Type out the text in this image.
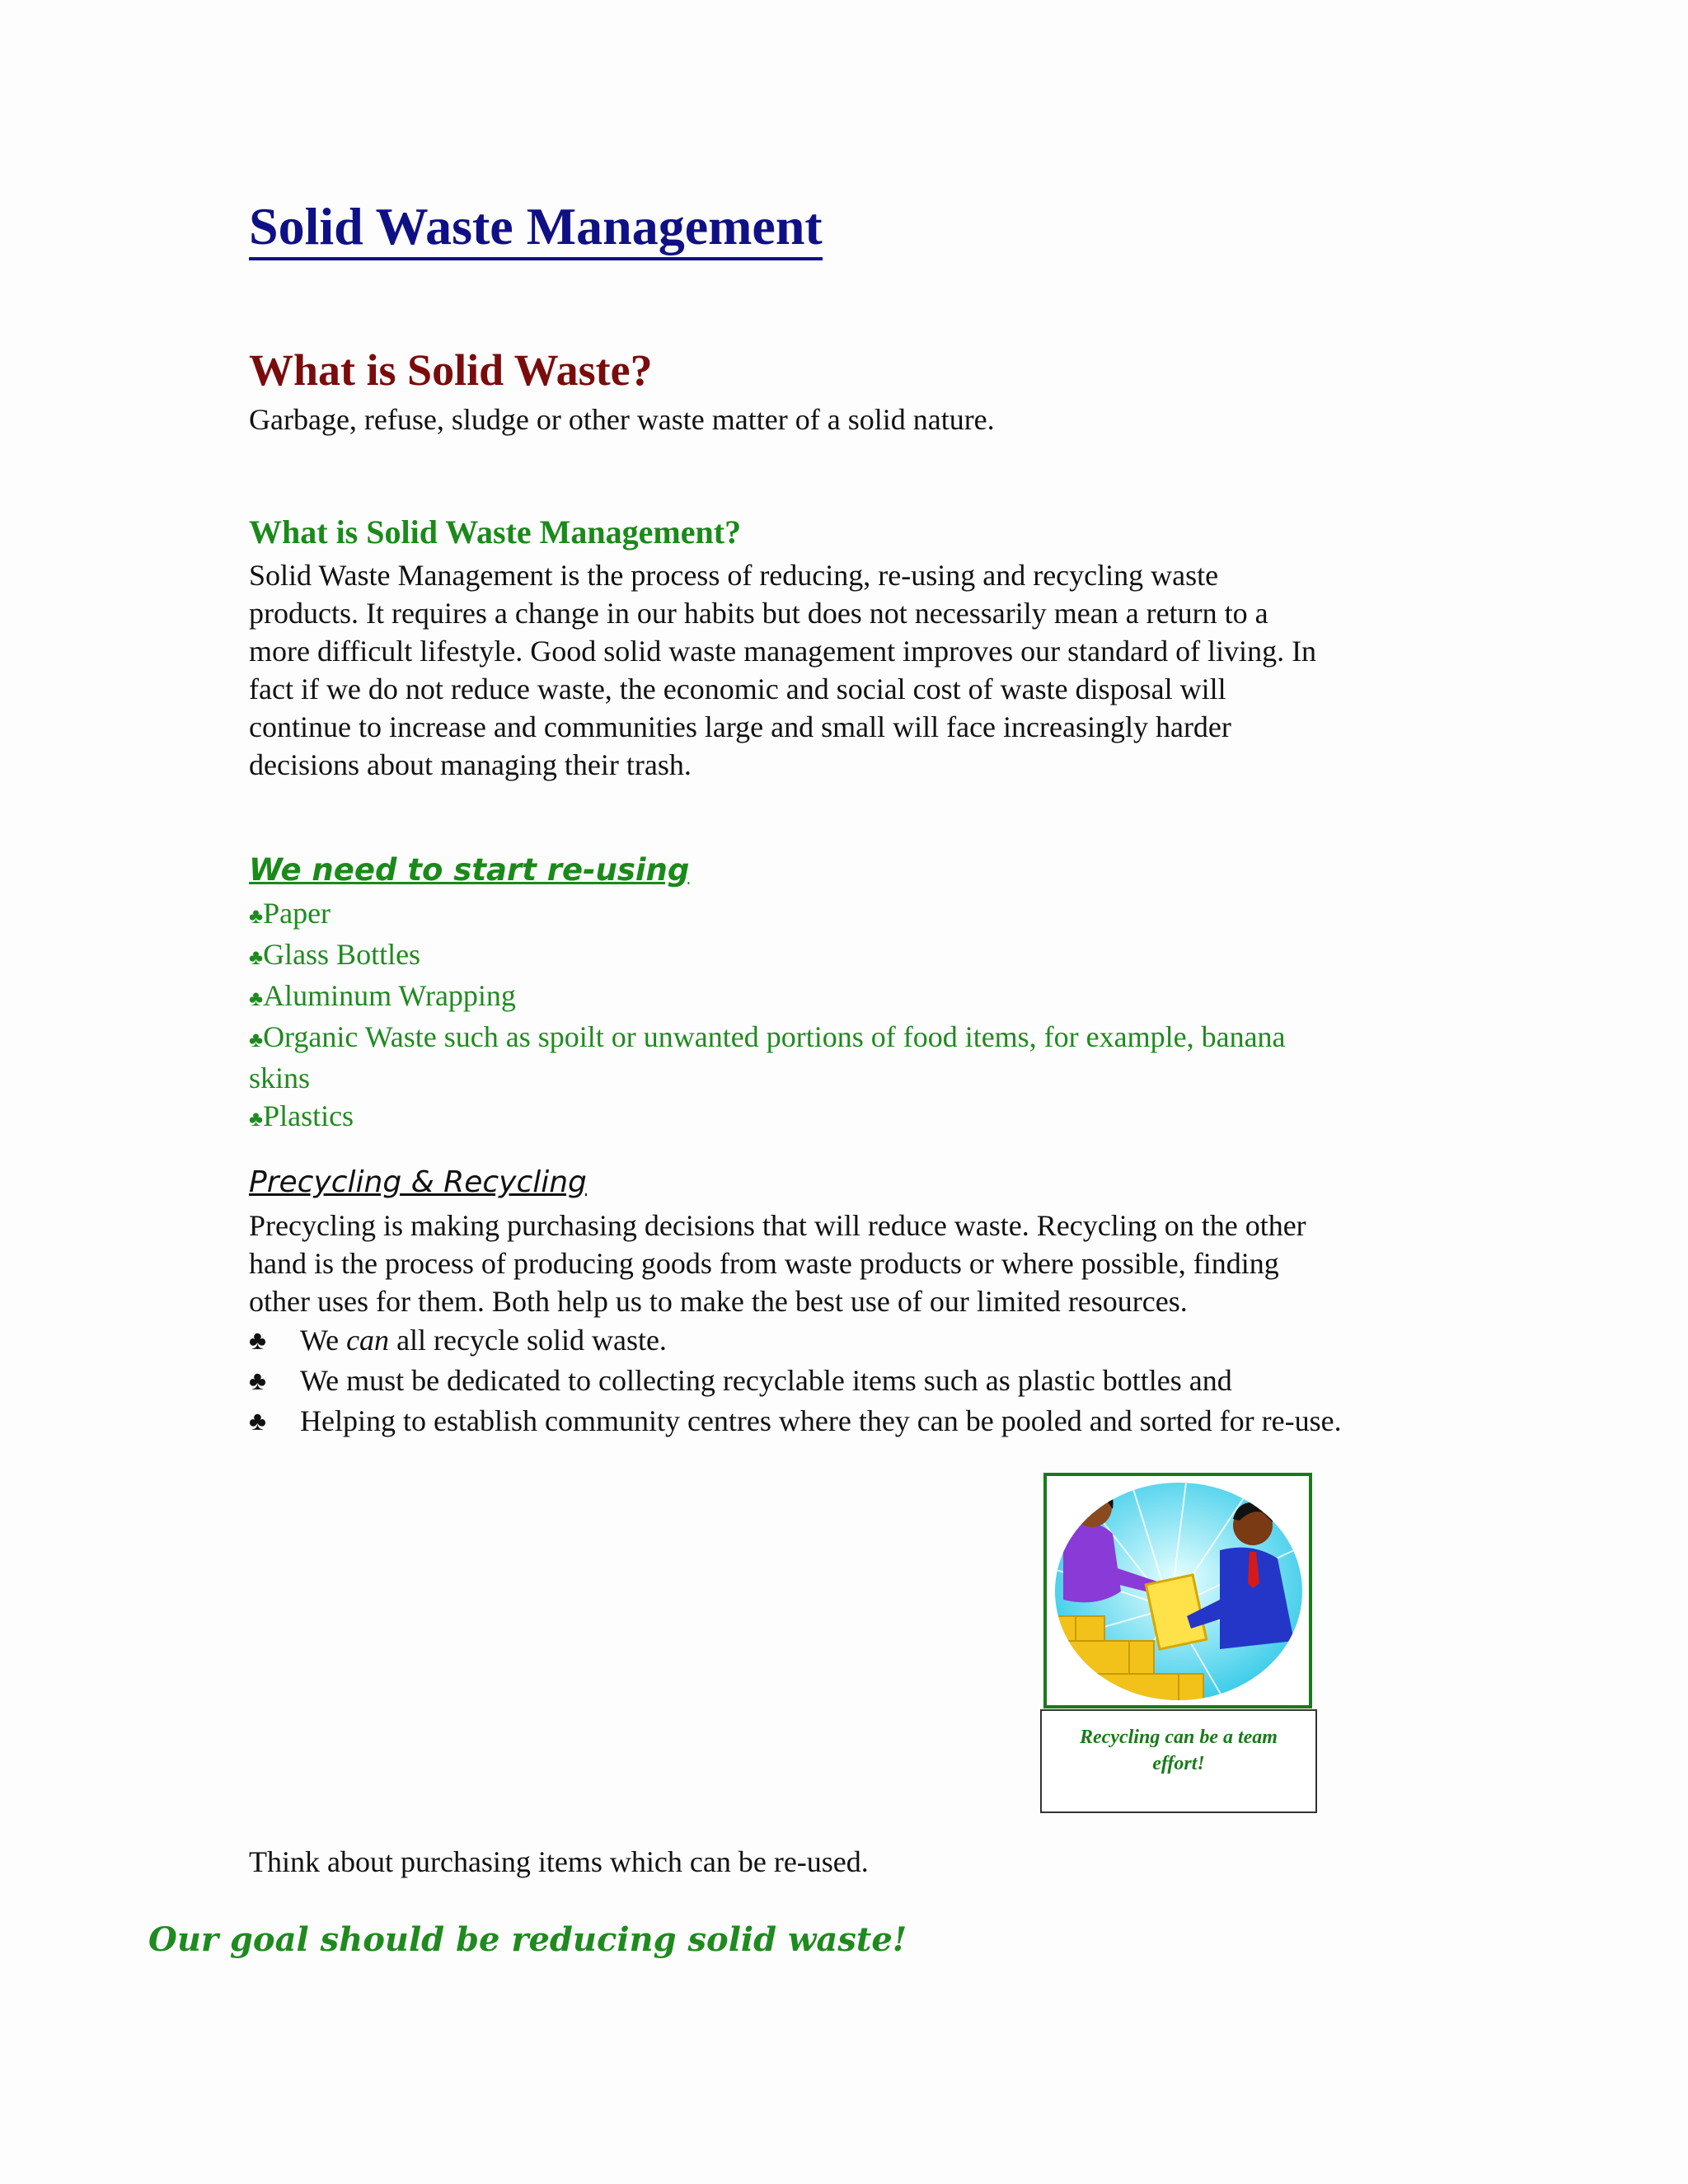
Solid Waste Management
What is Solid Waste?

Garbage, refuse, sludge or other waste matter of a solid nature.

What is Solid Waste Management?
Solid Waste Management is the process of reducing, re-using and recycling waste
products. It requires a change in our habits but does not necessarily mean a return to a
more difficult lifestyle. Good solid waste management improves our standard of living. In
fact if we do not reduce waste, the economic and social cost of waste disposal will
continue to increase and communities large and small will face increasingly harder
decisions about managing their trash.
We need to start re-using
♣Paper
♣Glass Bottles
♣Aluminum Wrapping
♣Organic Waste such as spoilt or unwanted portions of food items, for example, banana
skins
♣Plastics
Precycling & Recycling
Precycling is making purchasing decisions that will reduce waste. Recycling on the other
hand is the process of producing goods from waste products or where possible, finding
other uses for them. Both help us to make the best use of our limited resources.
♣ We can all recycle solid waste.
♣ We must be dedicated to collecting recyclable items such as plastic bottles and
♣ Helping to establish community centres where they can be pooled and sorted for re-use.

Recycling can be a team
effort!

Think about purchasing items which can be re-used.

Our goal should be reducing solid waste!
